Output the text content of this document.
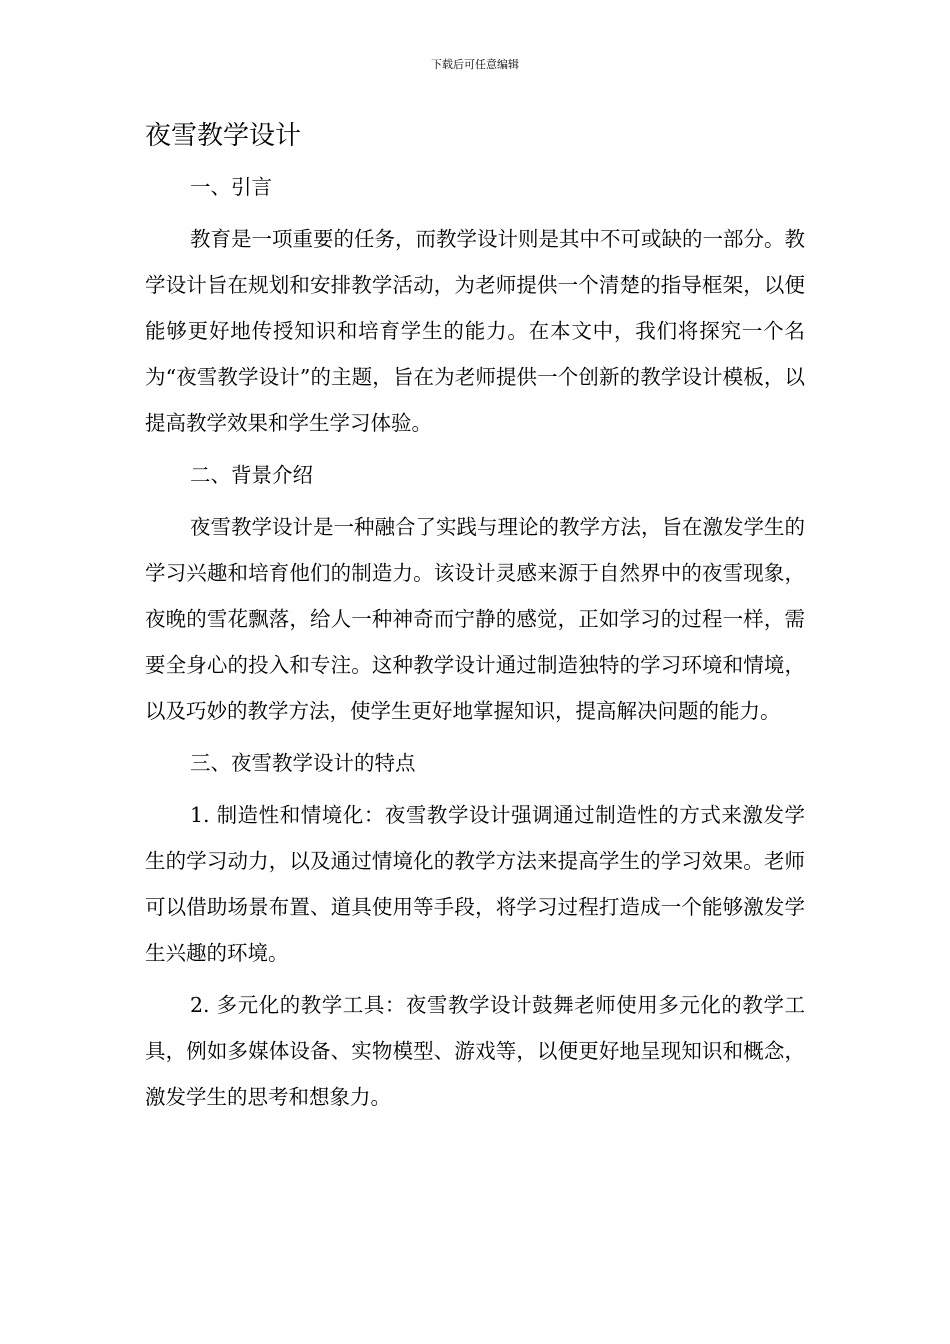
下载后可任意编辑
夜雪教学设计
一、引言

教育是一项重要的任务，而教学设计则是其中不可或缺的一部分。教学设计旨在规划和安排教学活动，为老师提供一个清楚的指导框架，以便能够更好地传授知识和培育学生的能力。在本文中，我们将探究一个名为“夜雪教学设计”的主题，旨在为老师提供一个创新的教学设计模板，以提高教学效果和学生学习体验。

二、背景介绍

夜雪教学设计是一种融合了实践与理论的教学方法，旨在激发学生的学习兴趣和培育他们的制造力。该设计灵感来源于自然界中的夜雪现象，夜晚的雪花飘落，给人一种神奇而宁静的感觉，正如学习的过程一样，需要全身心的投入和专注。这种教学设计通过制造独特的学习环境和情境，以及巧妙的教学方法，使学生更好地掌握知识，提高解决问题的能力。

三、夜雪教学设计的特点

1. 制造性和情境化：夜雪教学设计强调通过制造性的方式来激发学生的学习动力，以及通过情境化的教学方法来提高学生的学习效果。老师可以借助场景布置、道具使用等手段，将学习过程打造成一个能够激发学生兴趣的环境。

2. 多元化的教学工具：夜雪教学设计鼓舞老师使用多元化的教学工具，例如多媒体设备、实物模型、游戏等，以便更好地呈现知识和概念，激发学生的思考和想象力。
